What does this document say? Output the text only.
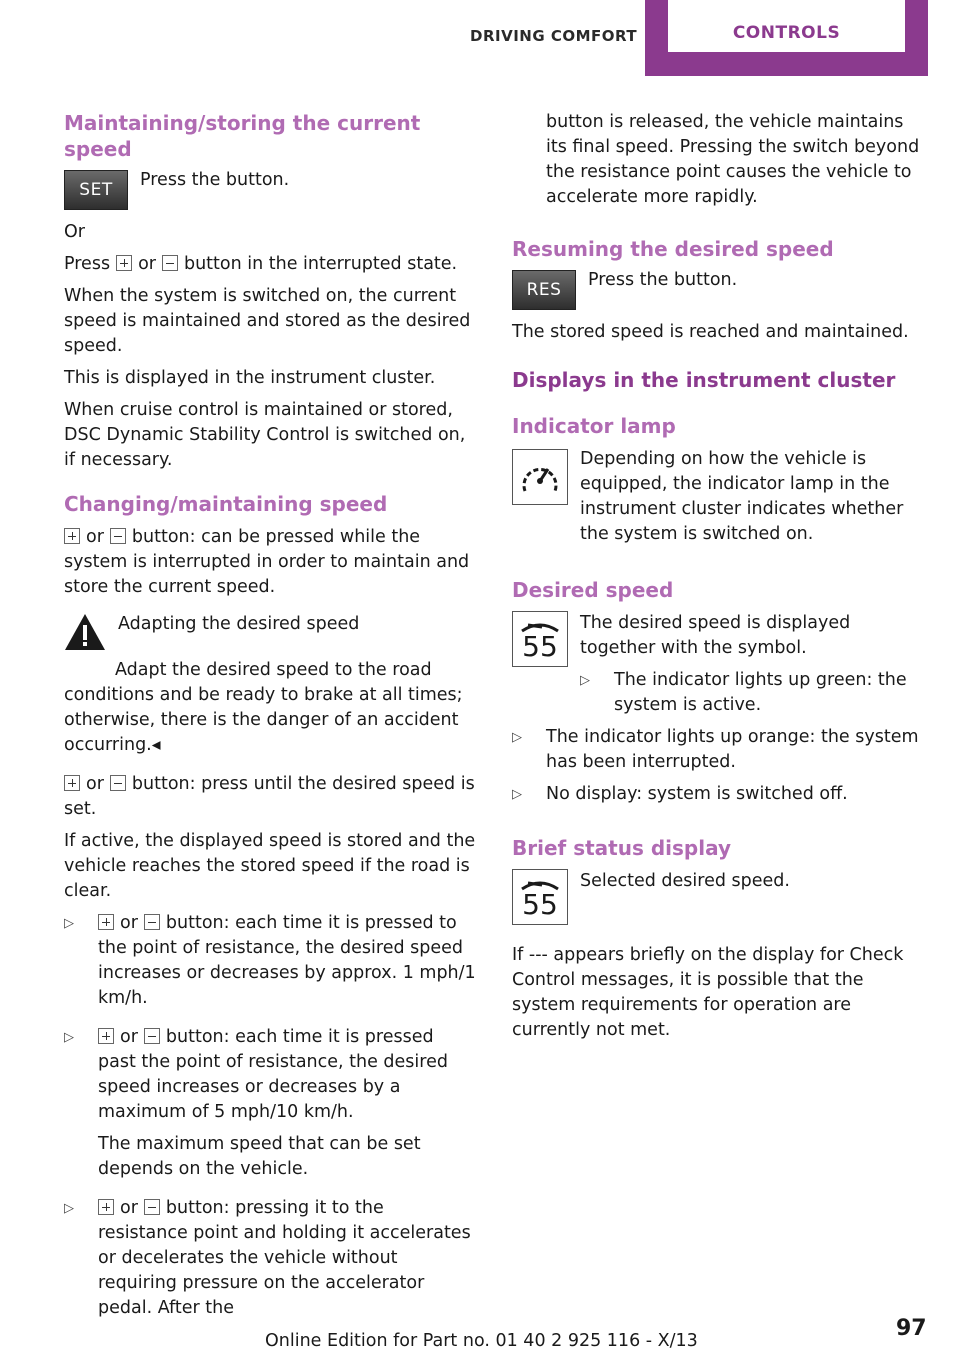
DRIVING COMFORT	CONTROLS
Maintaining/storing the current speed
SET	Press the button.

Or

Press or button in the interrupted state.

When the system is switched on, the current speed is maintained and stored as the desired speed.

This is displayed in the instrument cluster.

When cruise control is maintained or stored, DSC Dynamic Stability Control is switched on, if necessary.

Changing/maintaining speed

or button: can be pressed while the system is interrupted in order to maintain and store the current speed.

Adapting the desired speed

Adapt the desired speed to the road conditions and be ready to brake at all times; otherwise, there is the danger of an accident occurring.◂

or button: press until the desired speed is set.

If active, the displayed speed is stored and the vehicle reaches the stored speed if the road is clear.

▷	or button: each time it is pressed to the point of resistance, the desired speed increases or decreases by approx. 1 mph/1 km/h.
▷	or button: each time it is pressed past the point of resistance, the desired speed increases or decreases by a maximum of 5 mph/10 km/h.
The maximum speed that can be set depends on the vehicle.
▷	or button: pressing it to the resistance point and holding it accelerates or decelerates the vehicle without requiring pressure on the accelerator pedal. After the

button is released, the vehicle maintains its final speed. Pressing the switch beyond the resistance point causes the vehicle to accelerate more rapidly.

Resuming the desired speed
RES	Press the button.

The stored speed is reached and maintained.

Displays in the instrument cluster
Indicator lamp
Depending on how the vehicle is equipped, the indicator lamp in the instrument cluster indicates whether the system is switched on.
Desired speed
55
The desired speed is displayed together with the symbol.
▷ The indicator lights up green: the system is active.
▷ The indicator lights up orange: the system has been interrupted.
▷ No display: system is switched off.
Brief status display
55
Selected desired speed.

If --- appears briefly on the display for Check Control messages, it is possible that the system requirements for operation are currently not met.

Online Edition for Part no. 01 40 2 925 116 - X/13	97
